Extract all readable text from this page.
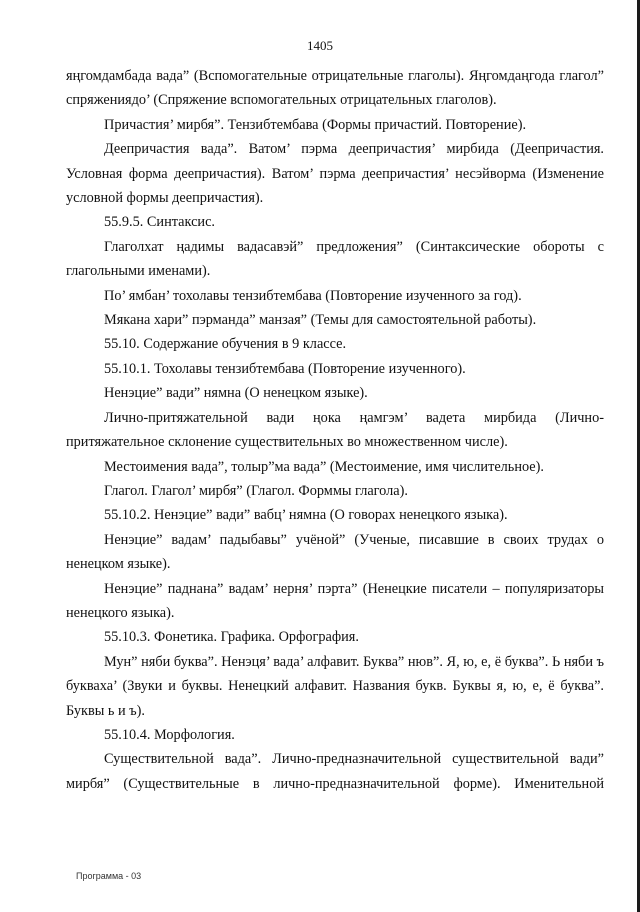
1405

яңгомдамбада вада” (Вспомогательные отрицательные глаголы). Яңгомдаңгода глагол” спряжениядо’ (Спряжение вспомогательных отрицательных глаголов).

Причастия’ мирбя”. Тензибтембава (Формы причастий. Повторение).

Деепричастия вада”. Ватом’ пэрма деепричастия’ мирбида (Деепричастия. Условная форма деепричастия). Ватом’ пэрма деепричастия’ несэйворма (Изменение условной формы деепричастия).

55.9.5. Синтаксис.

Глаголхат ңадимы вадасавэй” предложения” (Синтаксические обороты с глагольными именами).

По’ ямбан’ тохолавы тензибтембава (Повторение изученного за год).

Мякана хари” пэрманда” манзая” (Темы для самостоятельной работы).

55.10. Содержание обучения в 9 классе.

55.10.1. Тохолавы тензибтембава (Повторение изученного).

Ненэцие” вади” нямна (О ненецком языке).

Лично-притяжательной вади ңока ңамгэм’ вадета мирбида (Лично-притяжательное склонение существительных во множественном числе).

Местоимения вада”, толыр”ма вада” (Местоимение, имя числительное).

Глагол. Глагол’ мирбя” (Глагол. Форммы глагола).

55.10.2. Ненэцие” вади” вабц’ нямна (О говорах ненецкого языка).

Ненэцие” вадам’ падыбавы” учёной” (Ученые, писавшие в своих трудах о ненецком языке).

Ненэцие” паднана” вадам’ нерня’ пэрта” (Ненецкие писатели – популяризаторы ненецкого языка).

55.10.3. Фонетика. Графика. Орфография.

Мун” няби буква”. Ненэця’ вада’ алфавит. Буква” нюв”. Я, ю, е, ё буква”. Ь няби ъ букваха’ (Звуки и буквы. Ненецкий алфавит. Названия букв. Буквы я, ю, е, ё буква”. Буквы ь и ъ).

55.10.4. Морфология.

Существительной вада”. Лично-предназначительной существительной вади” мирбя” (Существительные в лично-предназначительной форме). Именительной

Программа - 03
